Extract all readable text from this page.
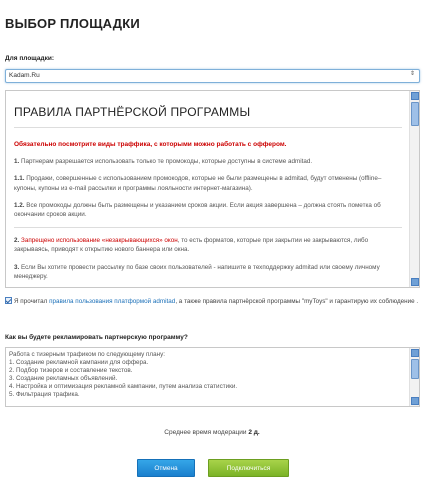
ВЫБОР ПЛОЩАДКИ
Для площадки:
Kadam.Ru	⇕
ПРАВИЛА ПАРТНЁРСКОЙ ПРОГРАММЫ
Обязательно посмотрите виды траффика, с которыми можно работать с оффером.
1. Партнерам разрешается использовать только те промокоды, которые доступны в системе admitad.
1.1. Продажи, совершенные с использованием промокодов, которые не были размещены в admitad, будут отменены (offline–купоны, купоны из e-mail рассылки и программы лояльности интернет-магазина).
1.2. Все промокоды должны быть размещены и указанием сроков акции. Если акция завершена – должна стоять пометка об окончании сроков акции.
2. Запрещено использование «незакрывающихся» окон, то есть форматов, которые при закрытии не закрываются, либо закрываясь, приводят к открытию нового баннера или окна.
3. Если Вы хотите провести рассылку по базе своих пользователей - напишите в техподдержку admitad или своему личному менеджеру.
Я прочитал правила пользования платформой admitad, а также правила партнёрской программы "myToys" и гарантирую их соблюдение .
Как вы будете рекламировать партнерскую программу?
Работа с тизерным трафиком по следующему плану:
1. Создание рекламной кампании для оффера.
2. Подбор тизеров и составление текстов.
3. Создание рекламных объявлений.
4. Настройка и оптимизация рекламной кампании, путем анализа статистики.
5. Фильтрация трафика.
Среднее время модерации 2 д.
Отмена	Подключиться
